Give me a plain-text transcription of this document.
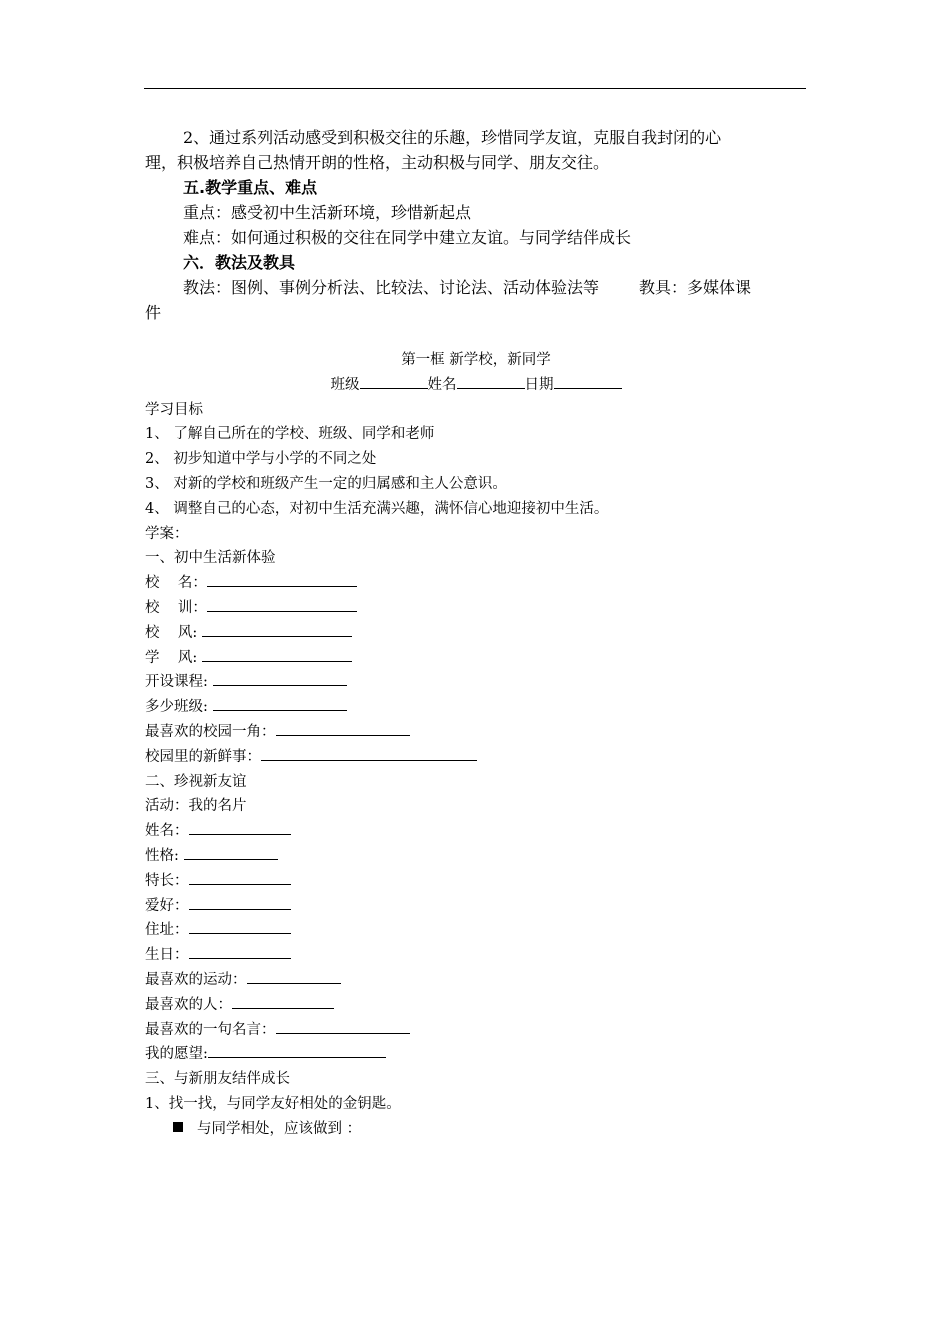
2、通过系列活动感受到积极交往的乐趣，珍惜同学友谊，克服自我封闭的心

理，积极培养自己热情开朗的性格，主动积极与同学、朋友交往。

五.教学重点、难点

重点：感受初中生活新环境，珍惜新起点

难点：如何通过积极的交往在同学中建立友谊。与同学结伴成长

六．教法及教具

教法：图例、事例分析法、比较法、讨论法、活动体验法等	教具：多媒体课

件

第一框 新学校，新同学

班级	姓名	日期

学习目标

1、 了解自己所在的学校、班级、同学和老师

2、 初步知道中学与小学的不同之处

3、 对新的学校和班级产生一定的归属感和主人公意识。

4、 调整自己的心态，对初中生活充满兴趣，满怀信心地迎接初中生活。

学案：

一、初中生活新体验

校    名：

校    训：

校    风:

学    风:

开设课程:

多少班级:

最喜欢的校园一角：

校园里的新鲜事：

二、珍视新友谊

活动：我的名片

姓名：

性格:

特长：

爱好：

住址：

生日：

最喜欢的运动：

最喜欢的人：

最喜欢的一句名言：

我的愿望:

三、与新朋友结伴成长

1、找一找，与同学友好相处的金钥匙。

与同学相处，应该做到 ：
